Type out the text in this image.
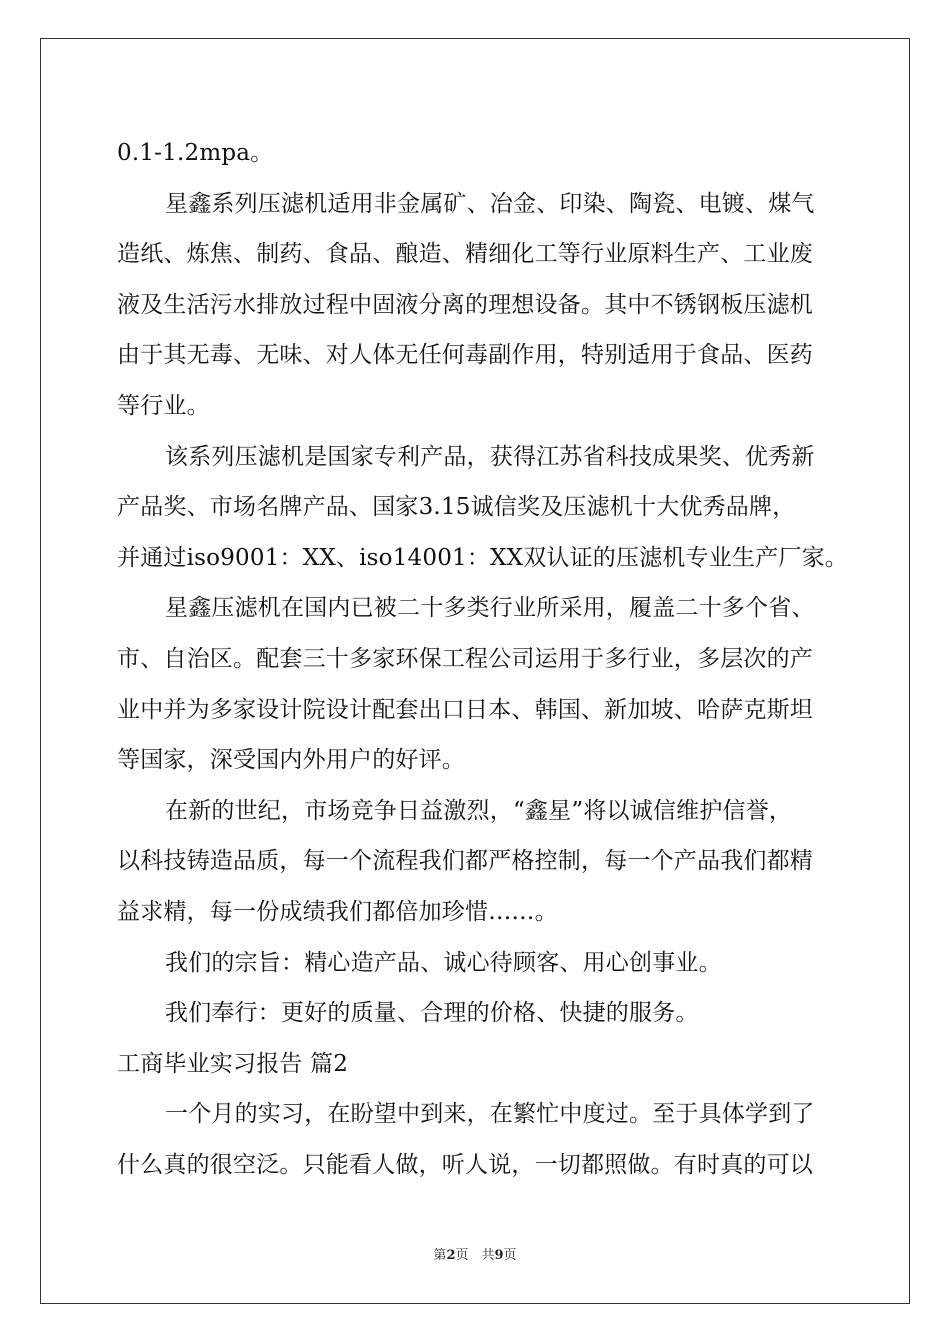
0.1-1.2mpa。
星鑫系列压滤机适用非金属矿、冶金、印染、陶瓷、电镀、煤气
造纸、炼焦、制药、食品、酿造、精细化工等行业原料生产、工业废
液及生活污水排放过程中固液分离的理想设备。其中不锈钢板压滤机
由于其无毒、无味、对人体无任何毒副作用，特别适用于食品、医药
等行业。
该系列压滤机是国家专利产品，获得江苏省科技成果奖、优秀新
产品奖、市场名牌产品、国家3.15诚信奖及压滤机十大优秀品牌，
并通过iso9001：XX、iso14001：XX双认证的压滤机专业生产厂家。
星鑫压滤机在国内已被二十多类行业所采用，履盖二十多个省、
市、自治区。配套三十多家环保工程公司运用于多行业，多层次的产
业中并为多家设计院设计配套出口日本、韩国、新加坡、哈萨克斯坦
等国家，深受国内外用户的好评。
在新的世纪，市场竞争日益激烈，“鑫星”将以诚信维护信誉，
以科技铸造品质，每一个流程我们都严格控制，每一个产品我们都精
益求精，每一份成绩我们都倍加珍惜……。
我们的宗旨：精心造产品、诚心待顾客、用心创事业。
我们奉行：更好的质量、合理的价格、快捷的服务。
工商毕业实习报告 篇2
一个月的实习，在盼望中到来，在繁忙中度过。至于具体学到了
什么真的很空泛。只能看人做，听人说，一切都照做。有时真的可以
第2页　共9页
